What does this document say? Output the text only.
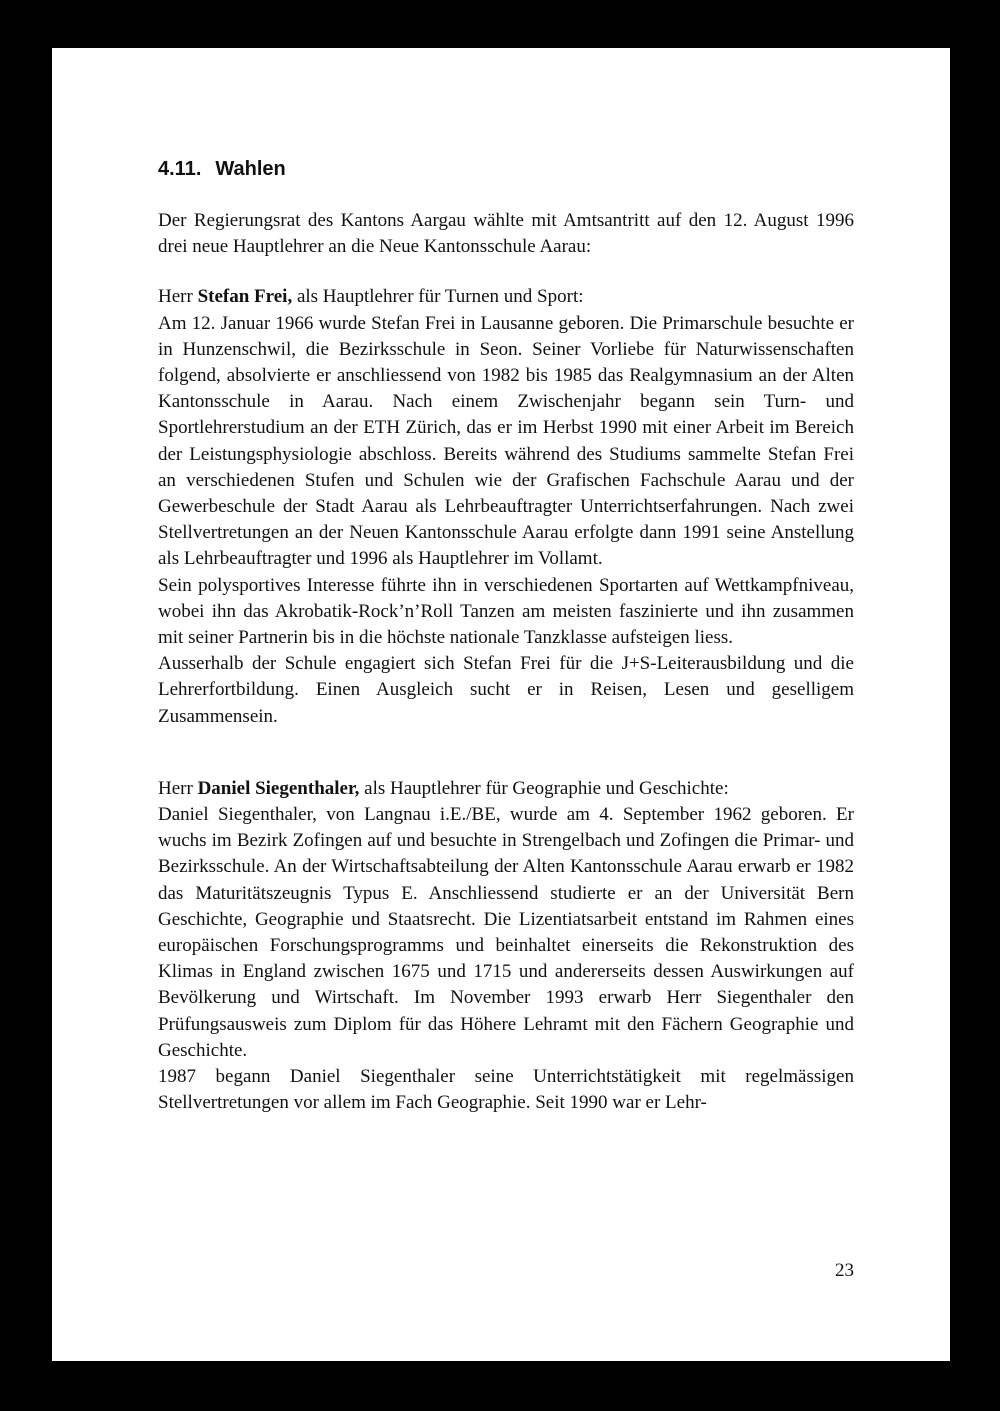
4.11. Wahlen

Der Regierungsrat des Kantons Aargau wählte mit Amtsantritt auf den 12. August 1996 drei neue Hauptlehrer an die Neue Kantonsschule Aarau:

Herr Stefan Frei, als Hauptlehrer für Turnen und Sport:

Am 12. Januar 1966 wurde Stefan Frei in Lausanne geboren. Die Primarschule besuchte er in Hunzenschwil, die Bezirksschule in Seon. Seiner Vorliebe für Naturwissenschaften folgend, absolvierte er anschliessend von 1982 bis 1985 das Realgymnasium an der Alten Kantonsschule in Aarau. Nach einem Zwischenjahr begann sein Turn- und Sportlehrerstudium an der ETH Zürich, das er im Herbst 1990 mit einer Arbeit im Bereich der Leistungsphysiologie abschloss. Bereits während des Studiums sammelte Stefan Frei an verschiedenen Stufen und Schulen wie der Grafischen Fachschule Aarau und der Gewerbeschule der Stadt Aarau als Lehrbeauftragter Unterrichtserfahrungen. Nach zwei Stellvertretungen an der Neuen Kantonsschule Aarau erfolgte dann 1991 seine Anstellung als Lehrbeauftragter und 1996 als Hauptlehrer im Vollamt.

Sein polysportives Interesse führte ihn in verschiedenen Sportarten auf Wettkampfniveau, wobei ihn das Akrobatik-Rock’n’Roll Tanzen am meisten faszinierte und ihn zusammen mit seiner Partnerin bis in die höchste nationale Tanzklasse aufsteigen liess.

Ausserhalb der Schule engagiert sich Stefan Frei für die J+S-Leiterausbildung und die Lehrerfortbildung. Einen Ausgleich sucht er in Reisen, Lesen und geselligem Zusammensein.

Herr Daniel Siegenthaler, als Hauptlehrer für Geographie und Geschichte:

Daniel Siegenthaler, von Langnau i.E./BE, wurde am 4. September 1962 geboren. Er wuchs im Bezirk Zofingen auf und besuchte in Strengelbach und Zofingen die Primar- und Bezirksschule. An der Wirtschaftsabteilung der Alten Kantonsschule Aarau erwarb er 1982 das Maturitätszeugnis Typus E. Anschliessend studierte er an der Universität Bern Geschichte, Geographie und Staatsrecht. Die Lizentiatsarbeit entstand im Rahmen eines europäischen Forschungsprogramms und beinhaltet einerseits die Rekonstruktion des Klimas in England zwischen 1675 und 1715 und andererseits dessen Auswirkungen auf Bevölkerung und Wirtschaft. Im November 1993 erwarb Herr Siegenthaler den Prüfungsausweis zum Diplom für das Höhere Lehramt mit den Fächern Geographie und Geschichte.

1987 begann Daniel Siegenthaler seine Unterrichtstätigkeit mit regelmässigen Stellvertretungen vor allem im Fach Geographie. Seit 1990 war er Lehr-

23
